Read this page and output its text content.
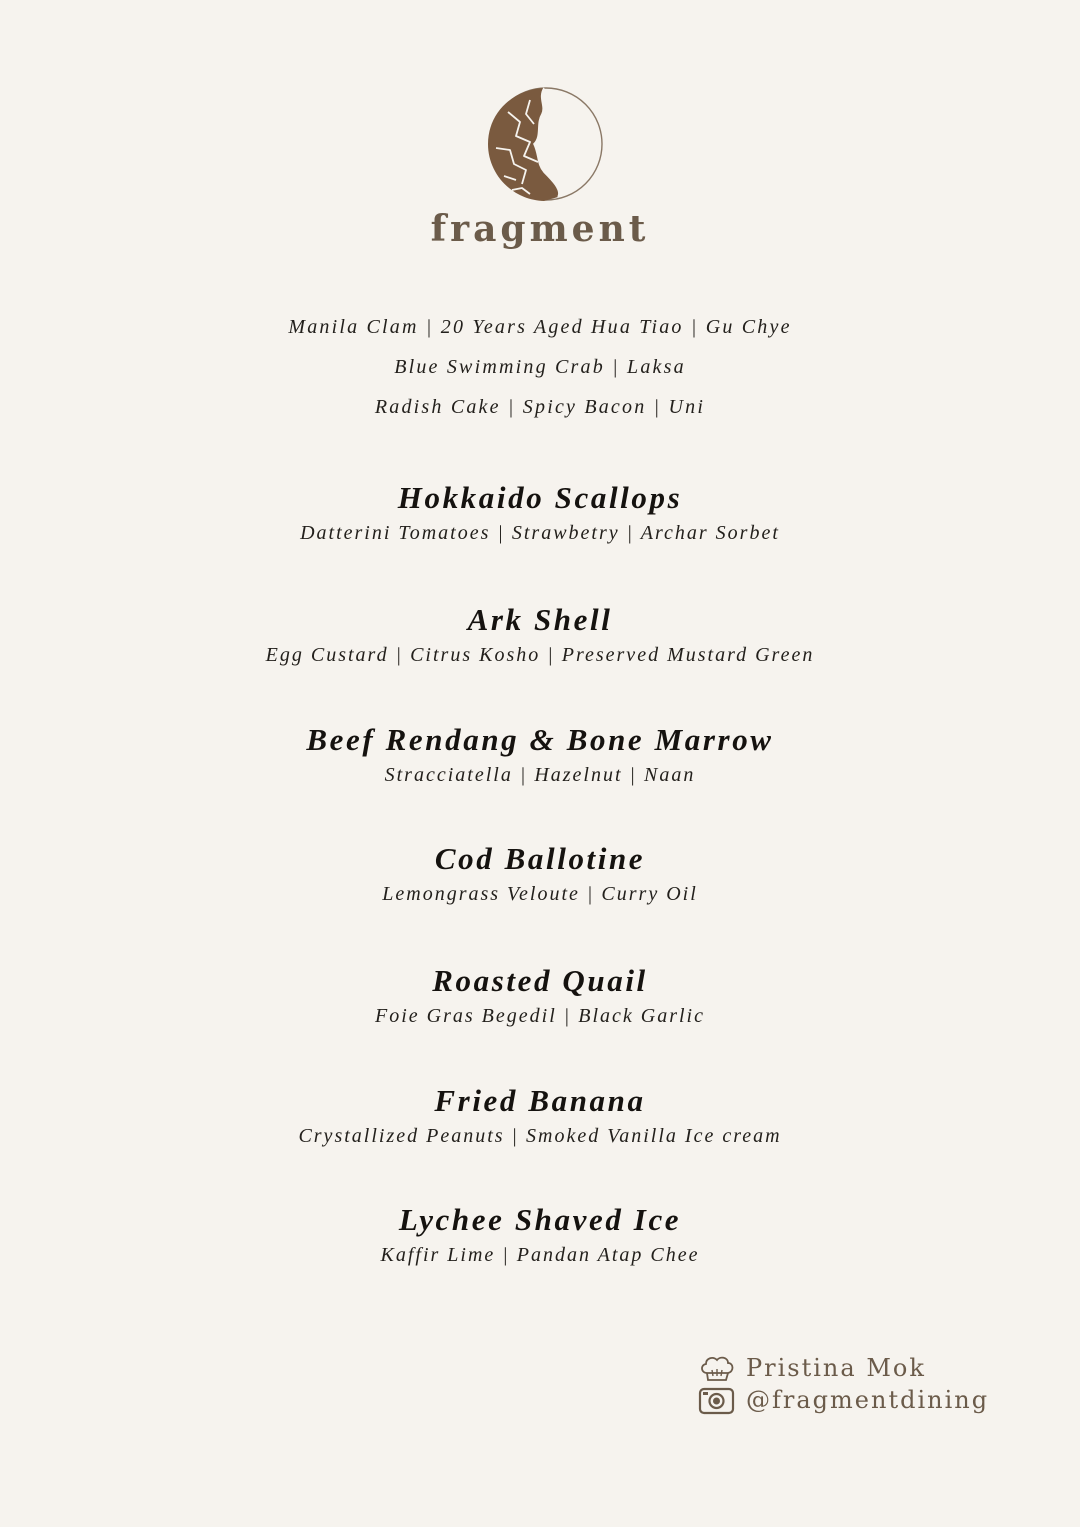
fragment
Manila Clam | 20 Years Aged Hua Tiao | Gu Chye
Blue Swimming Crab | Laksa
Radish Cake | Spicy Bacon | Uni
Hokkaido Scallops
Datterini Tomatoes | Strawbetry | Archar Sorbet
Ark Shell
Egg Custard | Citrus Kosho | Preserved Mustard Green
Beef Rendang & Bone Marrow
Stracciatella | Hazelnut | Naan
Cod Ballotine
Lemongrass Veloute | Curry Oil
Roasted Quail
Foie Gras Begedil | Black Garlic
Fried Banana
Crystallized Peanuts | Smoked Vanilla Ice cream
Lychee Shaved Ice
Kaffir Lime | Pandan Atap Chee
Pristina Mok
@fragmentdining
